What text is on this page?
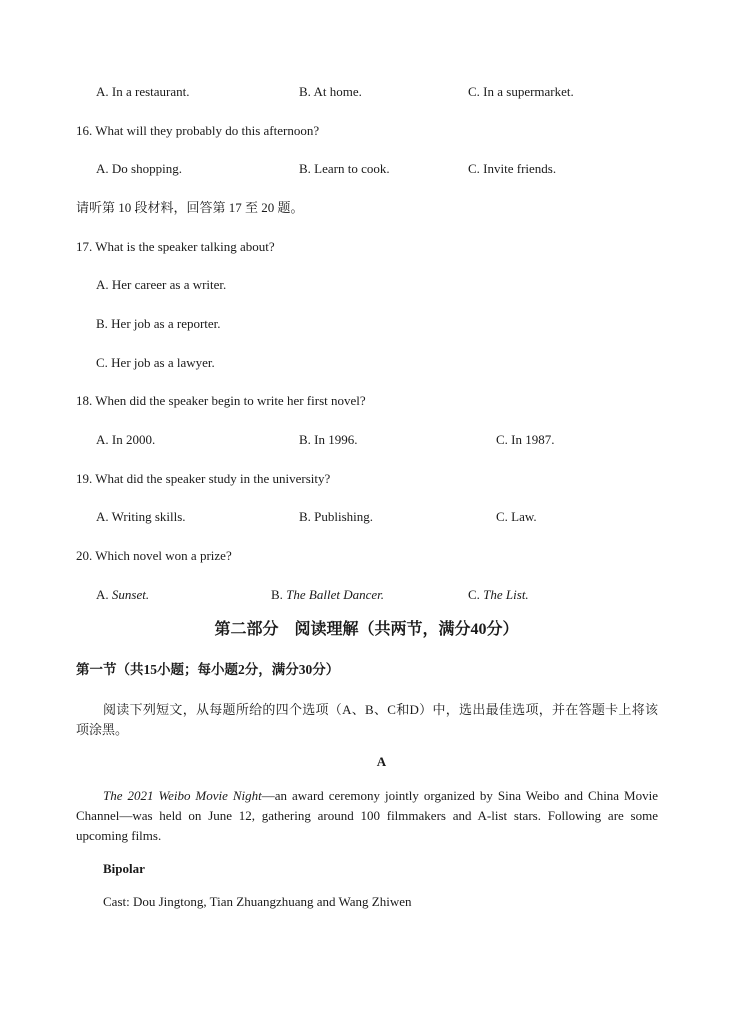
A. In a restaurant.	B. At home.	C. In a supermarket.
16. What will they probably do this afternoon?
A. Do shopping.	B. Learn to cook.	C. Invite friends.
请听第 10 段材料，回答第 17 至 20 题。
17. What is the speaker talking about?
A. Her career as a writer.
B. Her job as a reporter.
C. Her job as a lawyer.
18. When did the speaker begin to write her first novel?
A. In 2000.	B. In 1996.	C. In 1987.
19. What did the speaker study in the university?
A. Writing skills.	B. Publishing.	C. Law.
20. Which novel won a prize?
A. Sunset.	B. The Ballet Dancer.	C. The List.
第二部分　阅读理解（共两节，满分40分）
第一节（共15小题；每小题2分，满分30分）
阅读下列短文，从每题所给的四个选项（A、B、C和D）中，选出最佳选项，并在答题卡上将该项涂黑。
A
The 2021 Weibo Movie Night—an award ceremony jointly organized by Sina Weibo and China Movie Channel—was held on June 12, gathering around 100 filmmakers and A-list stars. Following are some upcoming films.
Bipolar
Cast: Dou Jingtong, Tian Zhuangzhuang and Wang Zhiwen
